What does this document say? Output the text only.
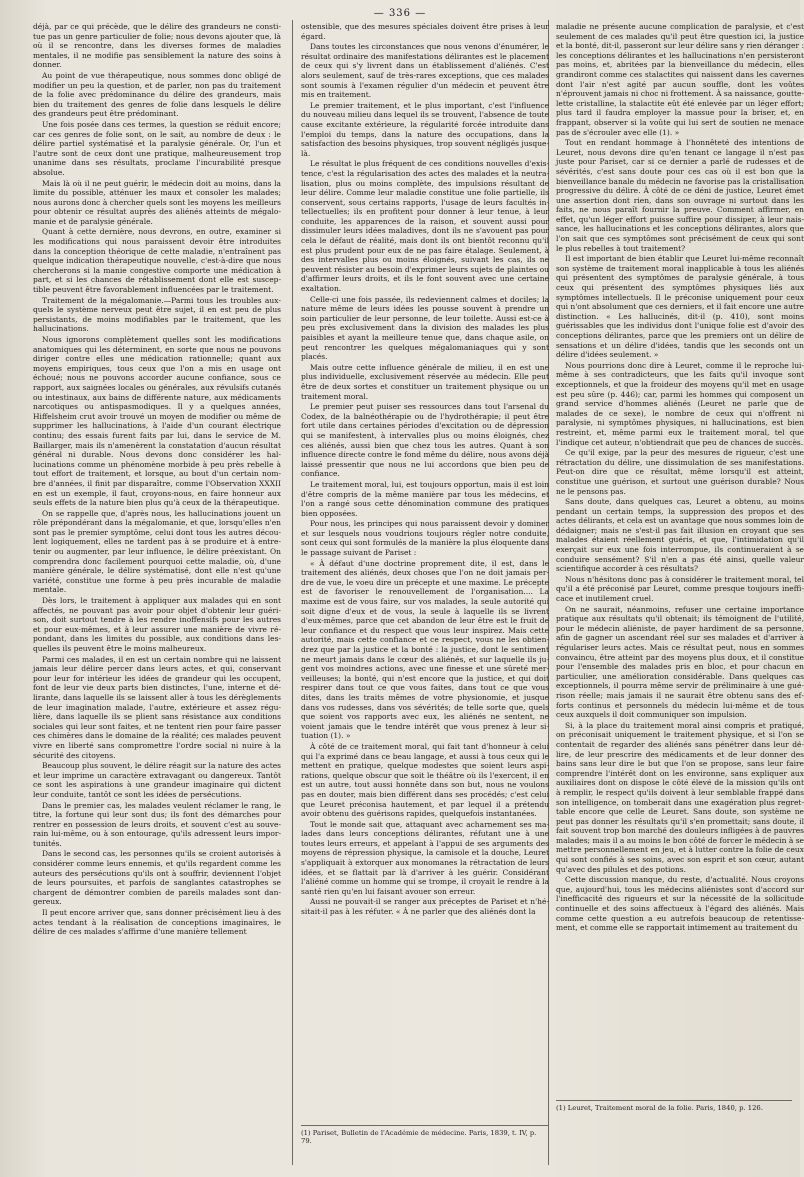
— 336 —

déjà, par ce qui précède, que le délire des grandeurs ne constitue pas un genre particulier de folie; nous devons ajouter que, là où il se rencontre, dans les diverses formes de maladies mentales, il ne modifie pas sensiblement la nature des soins à donner.

Au point de vue thérapeutique, nous sommes donc obligé de modifier un peu la question, et de parler, non pas du traitement de la folie avec prédominance du délire des grandeurs, mais bien du traitement des genres de folie dans lesquels le délire des grandeurs peut être prédominant.

Une fois posée dans ces termes, la question se réduit encore; car ces genres de folie sont, on le sait, au nombre de deux : le délire partiel systématisé et la paralysie générale. Or, l'un et l'autre sont de ceux dont une pratique, malheureusement trop unanime dans ses résultats, proclame l'incurabilité presque absolue.

Mais là où il ne peut guérir, le médecin doit au moins, dans la limite du possible, atténuer les maux et consoler les malades; nous aurons donc à chercher quels sont les moyens les meilleurs pour obtenir ce résultat auprès des aliénés atteints de mégalomanie et de paralysie générale.

Quant à cette dernière, nous devrons, en outre, examiner si les modifications qui nous paraissent devoir être introduites dans la conception théorique de cette maladie, n'entraînent pas quelque indication thérapeutique nouvelle, c'est-à-dire que nous chercherons si la manie congestive comporte une médication à part, et si les chances de rétablissement dont elle est susceptible peuvent être favorablement influencées par le traitement.

Traitement de la mégalomanie.—Parmi tous les troubles auxquels le système nerveux peut être sujet, il en est peu de plus persistants, de moins modifiables par le traitement, que les hallucinations.

Nous ignorons complètement quelles sont les modifications anatomiques qui les déterminent, en sorte que nous ne pouvons diriger contre elles une médication rationnelle; quant aux moyens empiriques, tous ceux que l'on a mis en usage ont échoué; nous ne pouvons accorder aucune confiance, sous ce rapport, aux saignées locales ou générales, aux révulsifs cutanés ou intestinaux, aux bains de différente nature, aux médicaments narcotiques ou antispasmodiques. Il y a quelques années, Hiffelsheim crut avoir trouvé un moyen de modifier ou même de supprimer les hallucinations, à l'aide d'un courant électrique continu; des essais furent faits par lui, dans le service de M. Baillarger, mais ils n'amenèrent la constatation d'aucun résultat général ni durable. Nous devons donc considérer les hallucinations comme un phénomène morbide à peu près rebelle à tout effort de traitement, et lorsque, au bout d'un certain nombre d'années, il finit par disparaître, comme l'Observation XXXII en est un exemple, il faut, croyons-nous, en faire honneur aux seuls effets de la nature bien plus qu'à ceux de la thérapeutique.

On se rappelle que, d'après nous, les hallucinations jouent un rôle prépondérant dans la mégalomanie, et que, lorsqu'elles n'en sont pas le premier symptôme, celui dont tous les autres découlent logiquement, elles ne tardent pas à se produire et à entretenir ou augmenter, par leur influence, le délire préexistant. On comprendra donc facilement pourquoi cette maladie, où, d'une manière générale, le délire systématisé, dont elle n'est qu'une variété, constitue une forme à peu près incurable de maladie mentale.

Dès lors, le traitement à appliquer aux malades qui en sont affectés, ne pouvant pas avoir pour objet d'obtenir leur guérison, doit surtout tendre à les rendre inoffensifs pour les autres et pour eux-mêmes, et à leur assurer une manière de vivre répondant, dans les limites du possible, aux conditions dans lesquelles ils peuvent être le moins malheureux.

Parmi ces malades, il en est un certain nombre qui ne laissent jamais leur délire percer dans leurs actes, et qui, conservant pour leur for intérieur les idées de grandeur qui les occupent, font de leur vie deux parts bien distinctes, l'une, interne et délirante, dans laquelle ils se laissent aller à tous les dérèglements de leur imagination malade, l'autre, extérieure et assez régulière, dans laquelle ils se plient sans résistance aux conditions sociales qui leur sont faites, et ne tentent rien pour faire passer ces chimères dans le domaine de la réalité; ces malades peuvent vivre en liberté sans compromettre l'ordre social ni nuire à la sécurité des citoyens.

Beaucoup plus souvent, le délire réagit sur la nature des actes et leur imprime un caractère extravagant ou dangereux. Tantôt ce sont les aspirations à une grandeur imaginaire qui dictent leur conduite, tantôt ce sont les idées de persécutions.

Dans le premier cas, les malades veulent réclamer le rang, le titre, la fortune qui leur sont dus; ils font des démarches pour rentrer en possession de leurs droits, et souvent c'est au souverain lui-même, ou à son entourage, qu'ils adressent leurs importunités.

Dans le second cas, les personnes qu'ils se croient autorisés à considérer comme leurs ennemis, et qu'ils regardent comme les auteurs des persécutions qu'ils ont à souffrir, deviennent l'objet de leurs poursuites, et parfois de sanglantes catastrophes se chargent de démontrer combien de pareils malades sont dangereux.

Il peut encore arriver que, sans donner précisément lieu à des actes tendant à la réalisation de conceptions imaginaires, le délire de ces malades s'affirme d'une manière tellement

ostensible, que des mesures spéciales doivent être prises à leur égard.

Dans toutes les circonstances que nous venons d'énumérer, le résultat ordinaire des manifestations délirantes est le placement de ceux qui s'y livrent dans un établissement d'aliénés. C'est alors seulement, sauf de très-rares exceptions, que ces malades sont soumis à l'examen régulier d'un médecin et peuvent être mis en traitement.

Le premier traitement, et le plus important, c'est l'influence du nouveau milieu dans lequel ils se trouvent, l'absence de toute cause excitante extérieure, la régularité forcée introduite dans l'emploi du temps, dans la nature des occupations, dans la satisfaction des besoins physiques, trop souvent négligés jusque-là.

Le résultat le plus fréquent de ces conditions nouvelles d'existence, c'est la régularisation des actes des malades et la neutralisation, plus ou moins complète, des impulsions résultant de leur délire. Comme leur maladie constitue une folie partielle, ils conservent, sous certains rapports, l'usage de leurs facultés intellectuelles; ils en profitent pour donner à leur tenue, à leur conduite, les apparences de la raison, et souvent aussi pour dissimuler leurs idées maladives, dont ils ne s'avouent pas pour cela le défaut de réalité, mais dont ils ont bientôt reconnu qu'il est plus prudent pour eux de ne pas faire étalage. Seulement, à des intervalles plus ou moins éloignés, suivant les cas, ils ne peuvent résister au besoin d'exprimer leurs sujets de plaintes ou d'affirmer leurs droits, et ils le font souvent avec une certaine exaltation.

Celle-ci une fois passée, ils redeviennent calmes et dociles; la nature même de leurs idées les pousse souvent à prendre un soin particulier de leur personne, de leur toilette. Aussi est-ce à peu près exclusivement dans la division des malades les plus paisibles et ayant la meilleure tenue que, dans chaque asile, on peut rencontrer les quelques mégalomaniaques qui y sont placés.

Mais outre cette influence générale de milieu, il en est une plus individuelle, exclusivement réservée au médecin. Elle peut être de deux sortes et constituer un traitement physique ou un traitement moral.

Le premier peut puiser ses ressources dans tout l'arsenal du Codex, de la balnéothérapie ou de l'hydrothérapie; il peut être fort utile dans certaines périodes d'excitation ou de dépression qui se manifestent, à intervalles plus ou moins éloignés, chez ces aliénés, aussi bien que chez tous les autres. Quant à son influence directe contre le fond même du délire, nous avons déjà laissé pressentir que nous ne lui accordons que bien peu de confiance.

Le traitement moral, lui, est toujours opportun, mais il est loin d'être compris de la même manière par tous les médecins, et l'on a rangé sous cette dénomination commune des pratiques bien opposées.

Pour nous, les principes qui nous paraissent devoir y dominer et sur lesquels nous voudrions toujours régler notre conduite, sont ceux qui sont formulés de la manière la plus éloquente dans le passage suivant de Pariset :

« À défaut d'une doctrine proprement dite, il est, dans le traitement des aliénés, deux choses que l'on ne doit jamais perdre de vue, le voeu dire un précepte et une maxime. Le précepte est de favoriser le renouvellement de l'organisation.... La maxime est de vous faire, sur vos malades, la seule autorité qui soit digne d'eux et de vous, la seule à laquelle ils se livrent d'eux-mêmes, parce que cet abandon de leur être est le fruit de leur confiance et du respect que vous leur inspirez. Mais cette autorité, mais cette confiance et ce respect, vous ne les obtiendrez que par la justice et la bonté : la justice, dont le sentiment ne meurt jamais dans le cœur des aliénés, et sur laquelle ils jugent vos moindres actions, avec une finesse et une sûreté merveilleuses; la bonté, qui n'est encore que la justice, et qui doit respirer dans tout ce que vous faites, dans tout ce que vous dites, dans les traits mêmes de votre physionomie, et jusque dans vos rudesses, dans vos sévérités; de telle sorte que, quels que soient vos rapports avec eux, les aliénés ne sentent, ne voient jamais que le tendre intérêt que vous prenez à leur situation (1). »

À côté de ce traitement moral, qui fait tant d'honneur à celui qui l'a exprimé dans ce beau langage, et aussi à tous ceux qui le mettent en pratique, quelque modestes que soient leurs aspirations, quelque obscur que soit le théâtre où ils l'exercent, il en est un autre, tout aussi honnête dans son but, nous ne voulons pas en douter, mais bien différent dans ses procédés; c'est celui que Leuret préconisa hautement, et par lequel il a prétendu avoir obtenu des guérisons rapides, quelquefois instantanées.

Tout le monde sait que, attaquant avec acharnement ses malades dans leurs conceptions délirantes, réfutant une à une toutes leurs erreurs, et appelant à l'appui de ses arguments des moyens de répression physique, la camisole et la douche, Leuret s'appliquait à extorquer aux monomanes la rétractation de leurs idées, et se flattait par là d'arriver à les guérir. Considérant l'aliéné comme un homme qui se trompe, il croyait le rendre à la santé rien qu'en lui faisant avouer son erreur.

Aussi ne pouvait-il se ranger aux préceptes de Pariset et n'hésitait-il pas à les réfuter. « À ne parler que des aliénés dont la

maladie ne présente aucune complication de paralysie, et c'est seulement de ces malades qu'il peut être question ici, la justice et la bonté, dit-il, passeront sur leur délire sans y rien déranger : les conceptions délirantes et les hallucinations n'en persisteront pas moins, et, abritées par la bienveillance du médecin, elles grandiront comme ces stalactites qui naissent dans les cavernes dont l'air n'est agité par aucun souffle, dont les voûtes n'éprouvent jamais ni choc ni frottement. À sa naissance, gouttelette cristalline, la stalactite eût été enlevée par un léger effort; plus tard il faudra employer la massue pour la briser, et, en frappant, observer si la voûte qui lui sert de soutien ne menace pas de s'écrouler avec elle (1). »

Tout en rendant hommage à l'honnêteté des intentions de Leuret, nous devons dire qu'en tenant ce langage il n'est pas juste pour Pariset, car si ce dernier a parlé de rudesses et de sévérités, c'est sans doute pour ces cas où il est bon que la bienveillance banale du médecin ne favorise pas la cristallisation progressive du délire. À côté de ce déni de justice, Leuret émet une assertion dont rien, dans son ouvrage ni surtout dans les faits, ne nous paraît fournir la preuve. Comment affirmer, en effet, qu'un léger effort puisse suffire pour dissiper, à leur naissance, les hallucinations et les conceptions délirantes, alors que l'on sait que ces symptômes sont précisément de ceux qui sont le plus rebelles à tout traitement?

Il est important de bien établir que Leuret lui-même reconnaît son système de traitement moral inapplicable à tous les aliénés qui présentent des symptômes de paralysie générale, à tous ceux qui présentent des symptômes physiques liés aux symptômes intellectuels. Il le préconise uniquement pour ceux qui n'ont absolument que ces derniers, et il fait encore une autre distinction. « Les hallucinés, dit-il (p. 410), sont moins guérissables que les individus dont l'unique folie est d'avoir des conceptions délirantes, parce que les premiers ont un délire de sensations et un délire d'idées, tandis que les seconds ont un délire d'idées seulement. »

Nous pourrions donc dire à Leuret, comme il le reproche lui-même à ses contradicteurs, que les faits qu'il invoque sont exceptionnels, et que la froideur des moyens qu'il met en usage est peu sûre (p. 446); car, parmi les hommes qui composent un grand service d'hommes aliénés (Leuret ne parle que de malades de ce sexe), le nombre de ceux qui n'offrent ni paralysie, ni symptômes physiques, ni hallucinations, est bien restreint, et, même parmi eux le traitement moral, tel que l'indique cet auteur, n'obtiendrait que peu de chances de succès.

Ce qu'il exige, par la peur des mesures de rigueur, c'est une rétractation du délire, une dissimulation de ses manifestations. Peut-on dire que ce résultat, même lorsqu'il est atteint, constitue une guérison, et surtout une guérison durable? Nous ne le pensons pas.

Sans doute, dans quelques cas, Leuret a obtenu, au moins pendant un certain temps, la suppression des propos et des actes délirants, et cela est un avantage que nous sommes loin de dédaigner; mais ne s'est-il pas fait illusion en croyant que ses malades étaient réellement guéris, et que, l'intimidation qu'il exerçait sur eux une fois interrompue, ils continueraient à se conduire sensément? S'il n'en a pas été ainsi, quelle valeur scientifique accorder à ces résultats?

Nous n'hésitons donc pas à considérer le traitement moral, tel qu'il a été préconisé par Leuret, comme presque toujours inefficace et inutilement cruel.

On ne saurait, néanmoins, refuser une certaine importance pratique aux résultats qu'il obtenait; ils témoignent de l'utilité, pour le médecin aliéniste, de payer hardiment de sa personne, afin de gagner un ascendant réel sur ses malades et d'arriver à régulariser leurs actes. Mais ce résultat peut, nous en sommes convaincu, être atteint par des moyens plus doux, et il constitue pour l'ensemble des malades pris en bloc, et pour chacun en particulier, une amélioration considérable. Dans quelques cas exceptionnels, il pourra même servir de préliminaire à une guérison réelle; mais jamais il ne saurait être obtenu sans des efforts continus et personnels du médecin lui-même et de tous ceux auxquels il doit communiquer son impulsion.

Si, à la place du traitement moral ainsi compris et pratiqué, on préconisait uniquement le traitement physique, et si l'on se contentait de regarder des aliénés sans pénétrer dans leur délire, de leur prescrire des médicaments et de leur donner des bains sans leur dire le but que l'on se propose, sans leur faire comprendre l'intérêt dont on les environne, sans expliquer aux auxiliaires dont on dispose le côté élevé de la mission qu'ils ont à remplir, le respect qu'ils doivent à leur semblable frappé dans son intelligence, on tomberait dans une exagération plus regrettable encore que celle de Leuret. Sans doute, son système ne peut pas donner les résultats qu'il s'en promettait; sans doute, il fait souvent trop bon marché des douleurs infligées à de pauvres malades; mais il a au moins le bon côté de forcer le médecin à se mettre personnellement en jeu, et à lutter contre la folie de ceux qui sont confiés à ses soins, avec son esprit et son cœur, autant qu'avec des pilules et des potions.

Cette discussion manque, du reste, d'actualité. Nous croyons que, aujourd'hui, tous les médecins aliénistes sont d'accord sur l'inefficacité des rigueurs et sur la nécessité de la sollicitude continuelle et des soins affectueux à l'égard des aliénés. Mais comme cette question a eu autrefois beaucoup de retentissement, et comme elle se rapportait intimement au traitement du

(1) Pariset, Bulletin de l'Académie de médecine. Paris, 1839, t. IV, p. 79.
(1) Leuret, Traitement moral de la folie. Paris, 1840, p. 126.
